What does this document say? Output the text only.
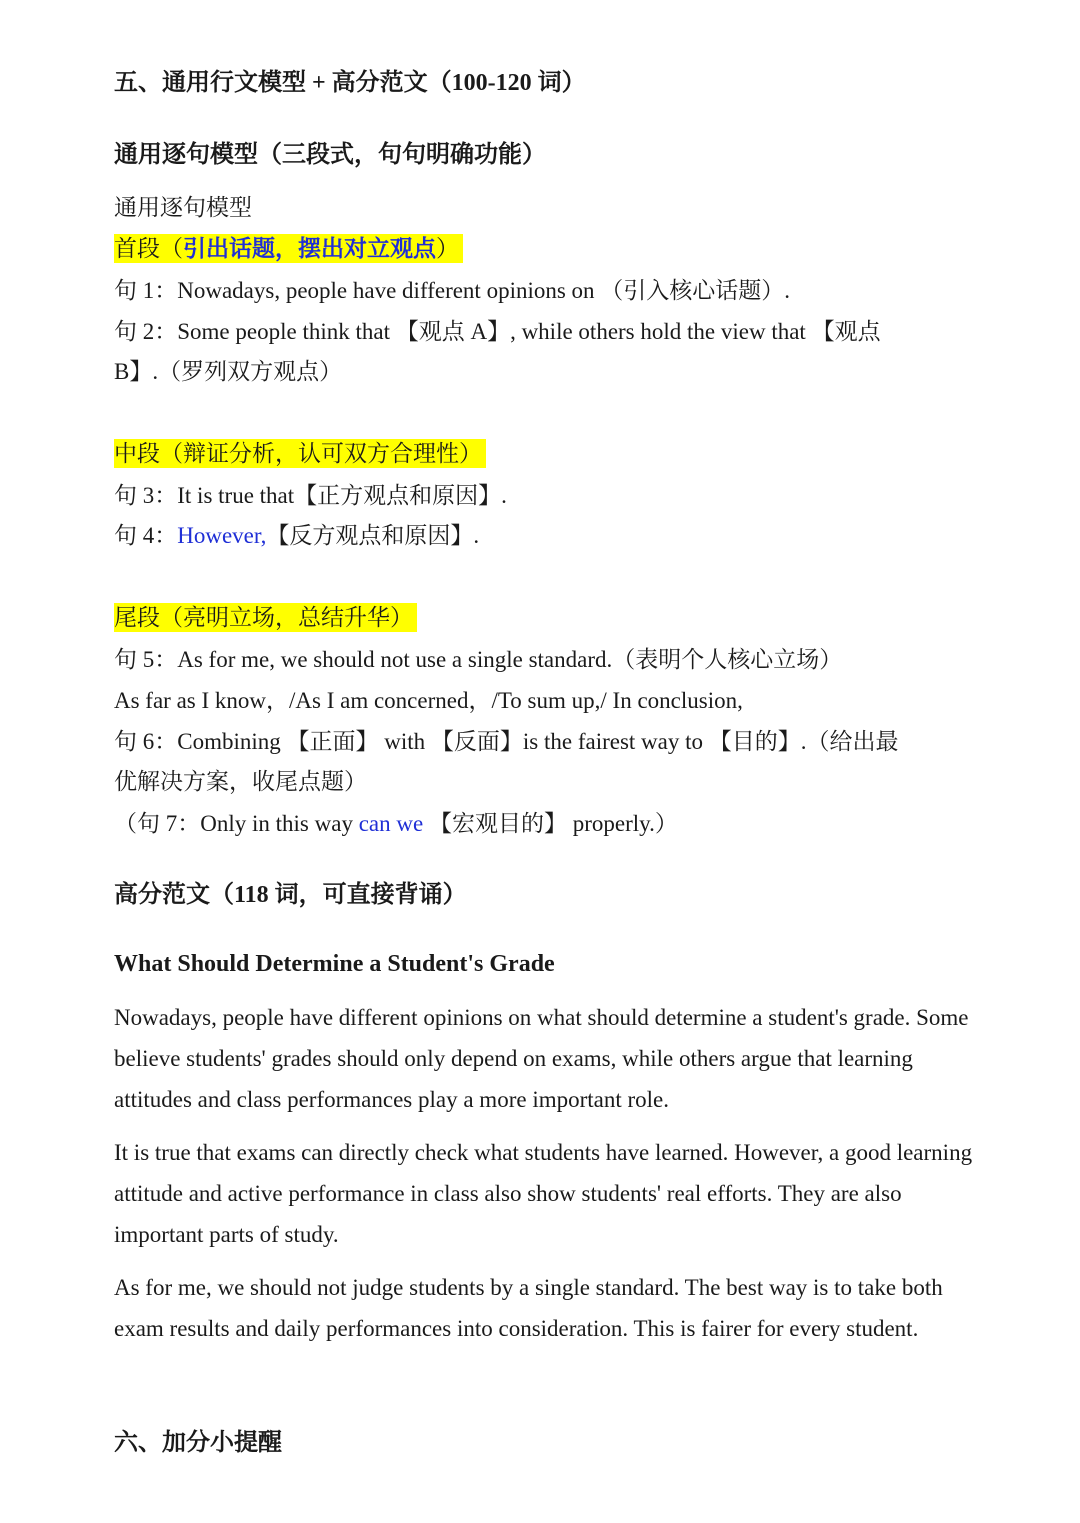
五、通用行文模型 + 高分范文（100-120 词）
通用逐句模型（三段式，句句明确功能）
通用逐句模型
首段（引出话题，摆出对立观点）
句 1：Nowadays, people have different opinions on （引入核心话题）.
句 2：Some people think that 【观点 A】, while others hold the view that 【观点
B】.（罗列双方观点）
中段（辩证分析，认可双方合理性）
句 3：It is true that【正方观点和原因】.
句 4：However,【反方观点和原因】.
尾段（亮明立场，总结升华）
句 5：As for me, we should not use a single standard.（表明个人核心立场）
As far as I know，/As I am concerned，/To sum up,/ In conclusion,
句 6：Combining 【正面】 with 【反面】is the fairest way to 【目的】.（给出最
优解决方案，收尾点题）
（句 7：Only in this way can we 【宏观目的】 properly.）
高分范文（118 词，可直接背诵）
What Should Determine a Student's Grade

Nowadays, people have different opinions on what should determine a student's grade. Some believe students' grades should only depend on exams, while others argue that learning attitudes and class performances play a more important role.

It is true that exams can directly check what students have learned. However, a good learning attitude and active performance in class also show students' real efforts. They are also important parts of study.

As for me, we should not judge students by a single standard. The best way is to take both exam results and daily performances into consideration. This is fairer for every student.

六、加分小提醒
